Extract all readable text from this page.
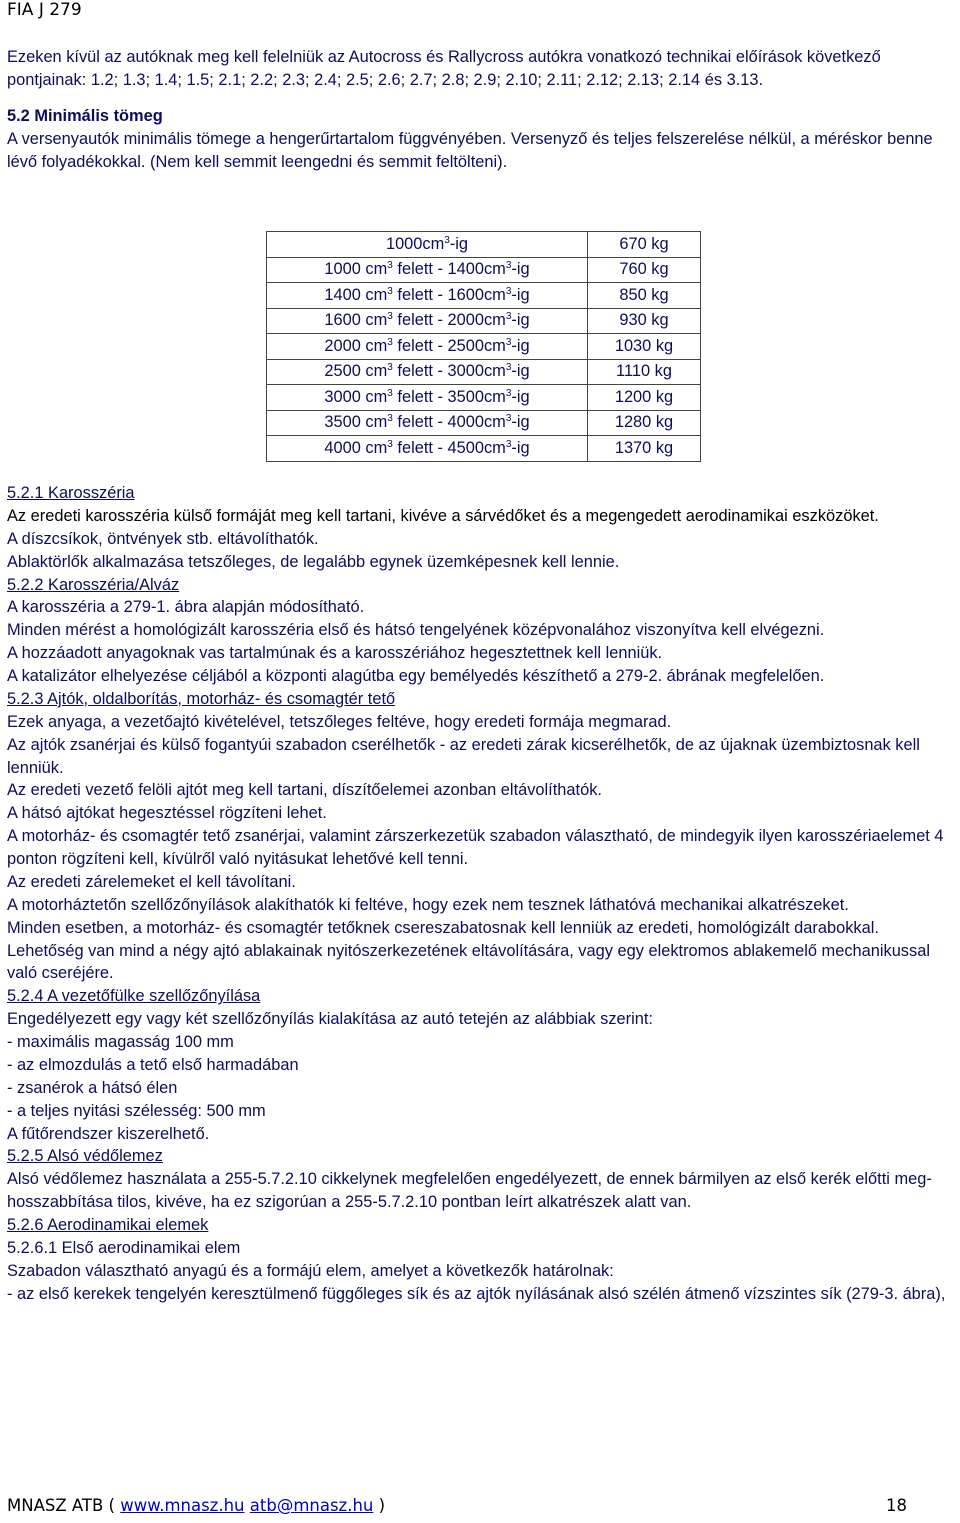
FIA J 279

Ezeken kívül az autóknak meg kell felelniük az Autocross és Rallycross autókra vonatkozó technikai előírások következő pontjainak: 1.2; 1.3; 1.4; 1.5; 2.1; 2.2; 2.3; 2.4; 2.5; 2.6; 2.7; 2.8; 2.9; 2.10; 2.11; 2.12; 2.13; 2.14 és 3.13.

5.2 Minimális tömeg

A versenyautók minimális tömege a hengerűrtartalom függvényében. Versenyző és teljes felszerelése nélkül, a méréskor benne lévő folyadékokkal. (Nem kell semmit leengedni és semmit feltölteni).

$1000cm^3-ig$	670 kg
1000 $cm^3$ felett - $1400cm^3-ig$	760 kg
1400 $cm^3$ felett - $1600cm^3-ig$	850 kg
1600 $cm^3$ felett - $2000cm^3-ig$	930 kg
2000 $cm^3$ felett - $2500cm^3-ig$	1030 kg
2500 $cm^3$ felett - $3000cm^3-ig$	1110 kg
3000 $cm^3$ felett - $3500cm^3-ig$	1200 kg
3500 $cm^3$ felett - $4000cm^3-ig$	1280 kg
4000 $cm^3$ felett - $4500cm^3-ig$	1370 kg

5.2.1 Karosszéria

Az eredeti karosszéria külső formáját meg kell tartani, kivéve a sárvédőket és a megengedett aerodinamikai eszközöket.

A díszcsíkok, öntvények stb. eltávolíthatók.

Ablaktörlők alkalmazása tetszőleges, de legalább egynek üzemképesnek kell lennie.

5.2.2 Karosszéria/Alváz

A karosszéria a 279-1. ábra alapján módosítható.

Minden mérést a homológizált karosszéria első és hátsó tengelyének középvonalához viszonyítva kell elvégezni.

A hozzáadott anyagoknak vas tartalmúnak és a karosszériához hegesztettnek kell lenniük.

A katalizátor elhelyezése céljából a központi alagútba egy bemélyedés készíthető a 279-2. ábrának megfelelően.

5.2.3 Ajtók, oldalborítás, motorház- és csomagtér tető

Ezek anyaga, a vezetőajtó kivételével, tetszőleges feltéve, hogy eredeti formája megmarad.

Az ajtók zsanérjai és külső fogantyúi szabadon cserélhetők - az eredeti zárak kicserélhetők, de az újaknak üzembiztosnak kell lenniük.

Az eredeti vezető felöli ajtót meg kell tartani, díszítőelemei azonban eltávolíthatók.

A hátsó ajtókat hegesztéssel rögzíteni lehet.

A motorház- és csomagtér tető zsanérjai, valamint zárszerkezetük szabadon választható, de mindegyik ilyen karosszériaelemet 4 ponton rögzíteni kell, kívülről való nyitásukat lehetővé kell tenni.

Az eredeti zárelemeket el kell távolítani.

A motorháztetőn szellőzőnyílások alakíthatók ki feltéve, hogy ezek nem tesznek láthatóvá mechanikai alkatrészeket.

Minden esetben, a motorház- és csomagtér tetőknek csereszabatosnak kell lenniük az eredeti, homológizált darabokkal.

Lehetőség van mind a négy ajtó ablakainak nyitószerkezetének eltávolítására, vagy egy elektromos ablakemelő mechanikussal való cseréjére.

5.2.4 A vezetőfülke szellőzőnyílása

Engedélyezett egy vagy két szellőzőnyílás kialakítása az autó tetején az alábbiak szerint:

- maximális magasság 100 mm

- az elmozdulás a tető első harmadában

- zsanérok a hátsó élen

- a teljes nyitási szélesség: 500 mm

A fűtőrendszer kiszerelhető.

5.2.5 Alsó védőlemez

Alsó védőlemez használata a 255-5.7.2.10 cikkelynek megfelelően engedélyezett, de ennek bármilyen az első kerék előtti meg-hosszabbítása tilos, kivéve, ha ez szigorúan a 255-5.7.2.10 pontban leírt alkatrészek alatt van.

5.2.6 Aerodinamikai elemek

5.2.6.1 Első aerodinamikai elem

Szabadon választható anyagú és a formájú elem, amelyet a következők határolnak:

- az első kerekek tengelyén keresztülmenő függőleges sík és az ajtók nyílásának alsó szélén átmenő vízszintes sík (279-3. ábra),

MNASZ ATB ( www.mnasz.hu atb@mnasz.hu )	18
